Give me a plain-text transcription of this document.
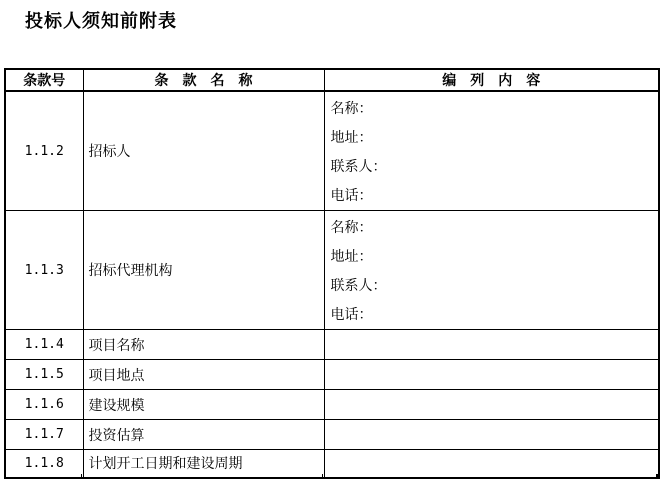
投标人须知前附表
条款号	条　款　名　称	编　列　内　容
1.1.2	招标人	名称：
地址：
联系人：
电话：

1.1.3	招标代理机构	名称：
地址：
联系人：
电话：

1.1.4	项目名称	
1.1.5	项目地点	
1.1.6	建设规模	
1.1.7	投资估算	
1.1.8	计划开工日期和建设周期	
